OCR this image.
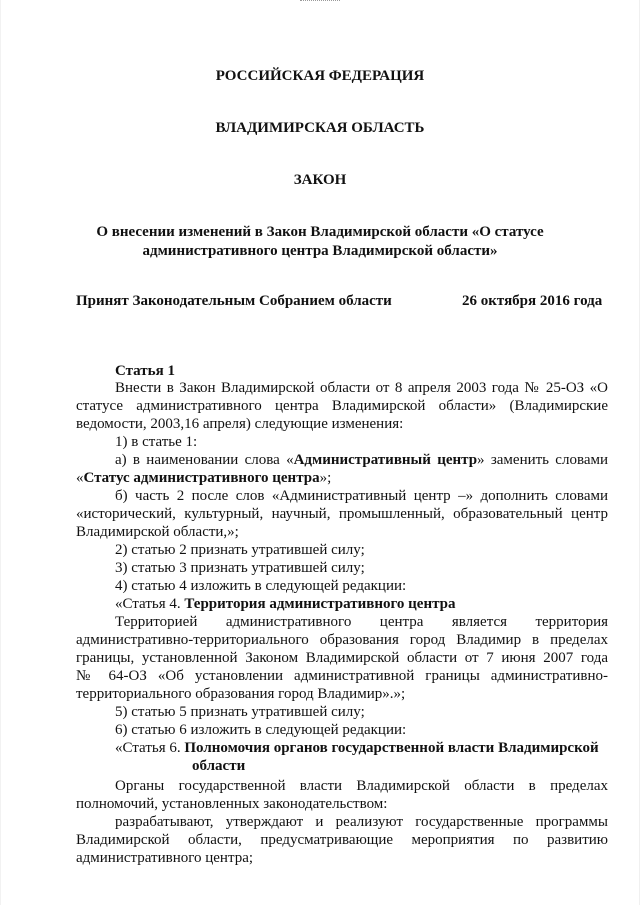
РОССИЙСКАЯ ФЕДЕРАЦИЯ
ВЛАДИМИРСКАЯ ОБЛАСТЬ
ЗАКОН
О внесении изменений в Закон Владимирской области «О статусе
административного центра Владимирской области»
Принят Законодательным Собранием области	26 октября 2016 года
Статья 1
Внести в Закон Владимирской области от 8 апреля 2003 года № 25-ОЗ «О
статусе административного центра Владимирской области» (Владимирские
ведомости, 2003,16 апреля) следующие изменения:
1) в статье 1:
а) в наименовании слова «Административный центр» заменить словами
«Статус административного центра»;
б) часть 2 после слов «Административный центр –» дополнить словами
«исторический, культурный, научный, промышленный, образовательный центр
Владимирской области,»;
2) статью 2 признать утратившей силу;
3) статью 3 признать утратившей силу;
4) статью 4 изложить в следующей редакции:
«Статья 4. Территория административного центра
Территорией административного центра является территория
административно-территориального образования город Владимир в пределах
границы, установленной Законом Владимирской области от 7 июня 2007 года
№ 64-ОЗ «Об установлении административной границы административно-
территориального образования город Владимир».»;
5) статью 5 признать утратившей силу;
6) статью 6 изложить в следующей редакции:
«Статья 6. Полномочия органов государственной власти Владимирской
области
Органы государственной власти Владимирской области в пределах
полномочий, установленных законодательством:
разрабатывают, утверждают и реализуют государственные программы
Владимирской области, предусматривающие мероприятия по развитию
административного центра;
